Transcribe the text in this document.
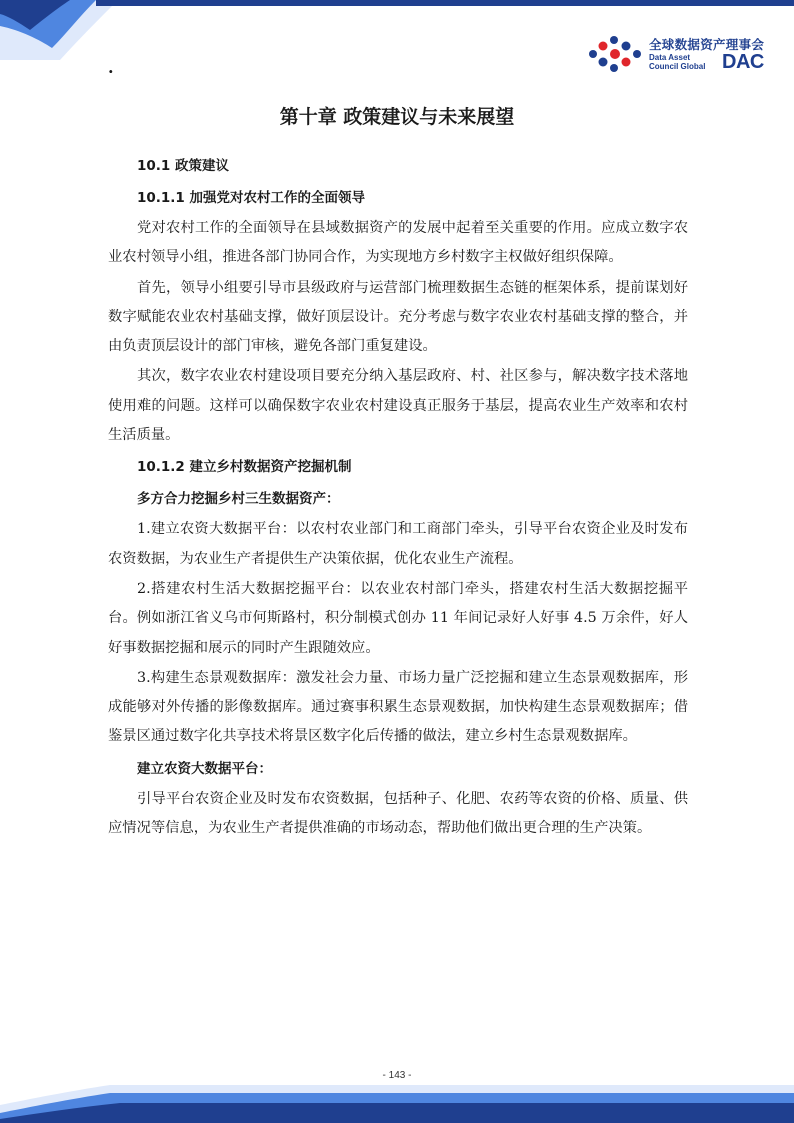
.
全球数据资产理事会
Data Asset
Council Global DAC
第十章 政策建议与未来展望
10.1 政策建议
10.1.1 加强党对农村工作的全面领导

党对农村工作的全面领导在县域数据资产的发展中起着至关重要的作用。应成立数字农业农村领导小组，推进各部门协同合作，为实现地方乡村数字主权做好组织保障。

首先，领导小组要引导市县级政府与运营部门梳理数据生态链的框架体系，提前谋划好数字赋能农业农村基础支撑，做好顶层设计。充分考虑与数字农业农村基础支撑的整合，并由负责顶层设计的部门审核，避免各部门重复建设。

其次，数字农业农村建设项目要充分纳入基层政府、村、社区参与，解决数字技术落地使用难的问题。这样可以确保数字农业农村建设真正服务于基层，提高农业生产效率和农村生活质量。

10.1.2 建立乡村数据资产挖掘机制
多方合力挖掘乡村三生数据资产：

1.建立农资大数据平台：以农村农业部门和工商部门牵头，引导平台农资企业及时发布农资数据，为农业生产者提供生产决策依据，优化农业生产流程。

2.搭建农村生活大数据挖掘平台：以农业农村部门牵头，搭建农村生活大数据挖掘平台。例如浙江省义乌市何斯路村，积分制模式创办 11 年间记录好人好事 4.5 万余件，好人好事数据挖掘和展示的同时产生跟随效应。

3.构建生态景观数据库：激发社会力量、市场力量广泛挖掘和建立生态景观数据库，形成能够对外传播的影像数据库。通过赛事积累生态景观数据，加快构建生态景观数据库；借鉴景区通过数字化共享技术将景区数字化后传播的做法，建立乡村生态景观数据库。

建立农资大数据平台：

引导平台农资企业及时发布农资数据，包括种子、化肥、农药等农资的价格、质量、供应情况等信息，为农业生产者提供准确的市场动态，帮助他们做出更合理的生产决策。

- 143 -
